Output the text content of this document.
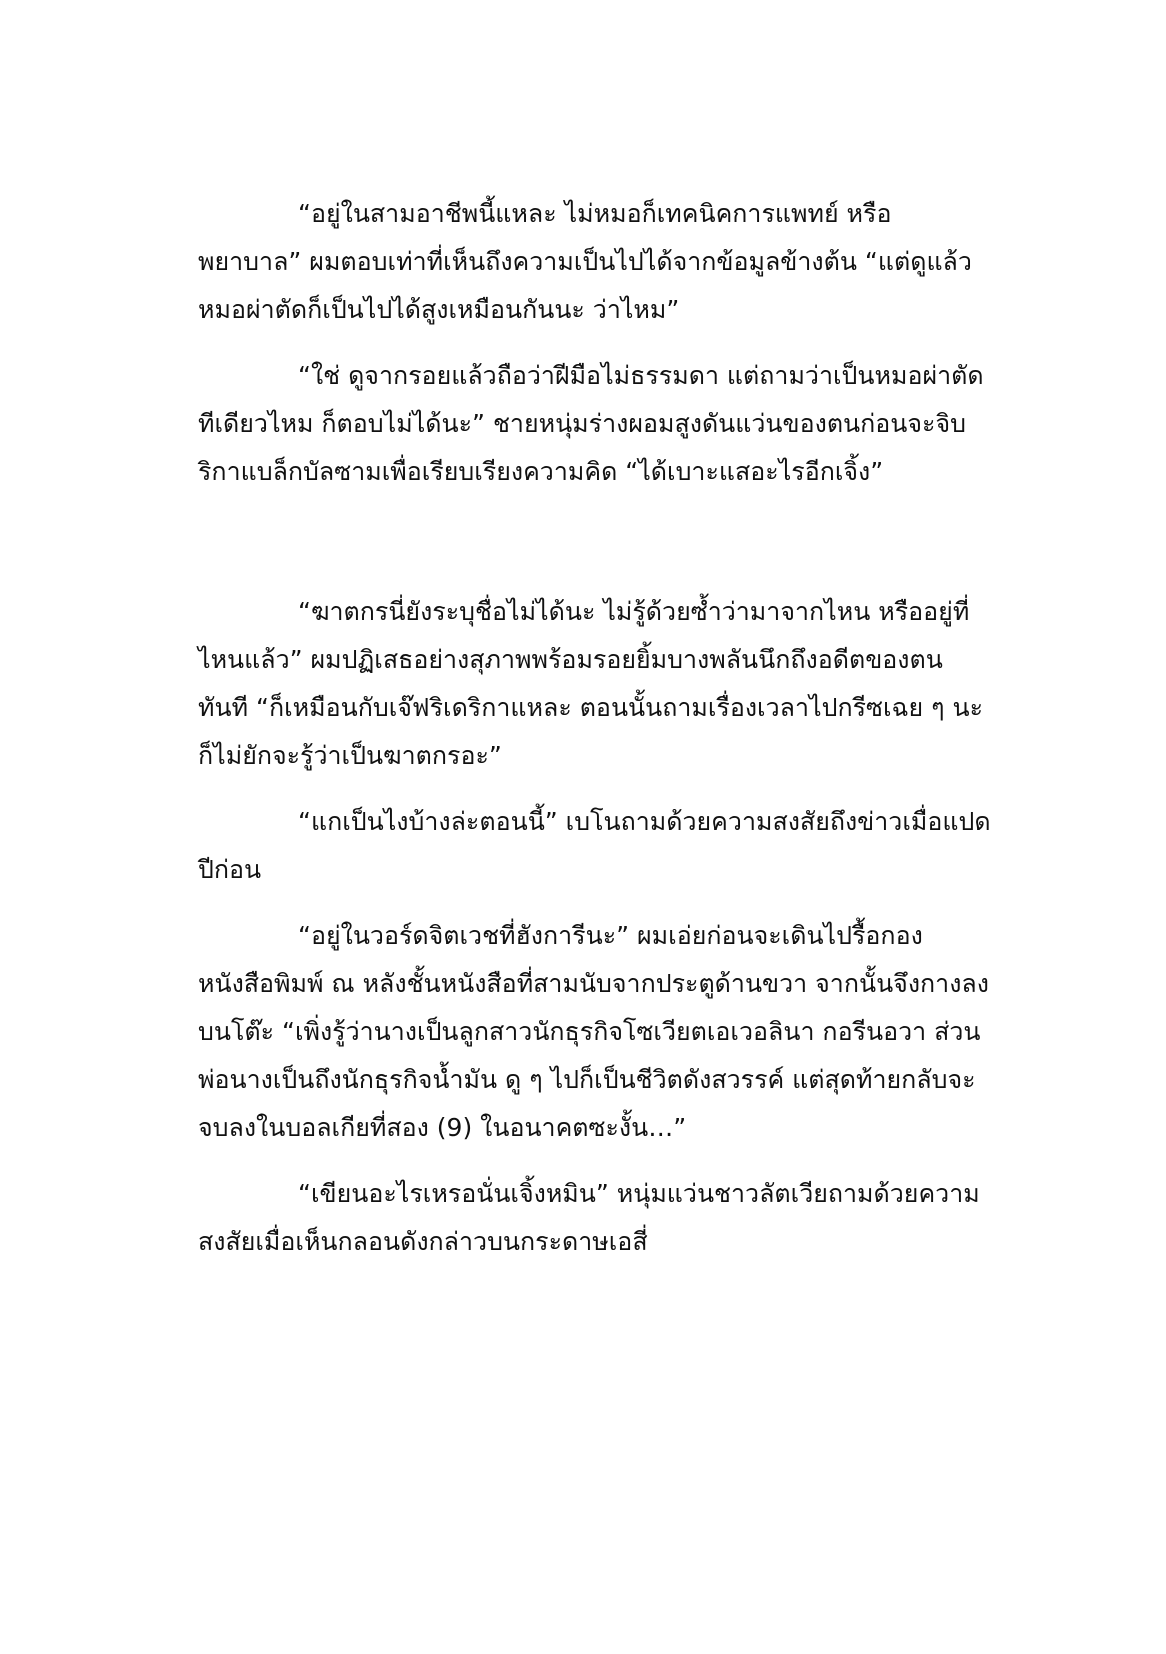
“อยู่ในสามอาชีพนี้แหละ ไม่หมอก็เทคนิคการแพทย์ หรือ
พยาบาล” ผมตอบเท่าที่เห็นถึงความเป็นไปได้จากข้อมูลข้างต้น “แต่ดูแล้ว
หมอผ่าตัดก็เป็นไปได้สูงเหมือนกันนะ ว่าไหม”

“ใช่ ดูจากรอยแล้วถือว่าฝีมือไม่ธรรมดา แต่ถามว่าเป็นหมอผ่าตัด
ทีเดียวไหม ก็ตอบไม่ได้นะ” ชายหนุ่มร่างผอมสูงดันแว่นของตนก่อนจะจิบ
ริกาแบล็กบัลซามเพื่อเรียบเรียงความคิด “ได้เบาะแสอะไรอีกเจิ้ง”

“ฆาตกรนี่ยังระบุชื่อไม่ได้นะ ไม่รู้ด้วยซ้ำว่ามาจากไหน หรืออยู่ที่
ไหนแล้ว” ผมปฏิเสธอย่างสุภาพพร้อมรอยยิ้มบางพลันนึกถึงอดีตของตน
ทันที “ก็เหมือนกับเจ๊ฟริเดริกาแหละ ตอนนั้นถามเรื่องเวลาไปกรีซเฉย ๆ นะ
ก็ไม่ยักจะรู้ว่าเป็นฆาตกรอะ”

“แกเป็นไงบ้างล่ะตอนนี้” เบโนถามด้วยความสงสัยถึงข่าวเมื่อแปด
ปีก่อน

“อยู่ในวอร์ดจิตเวชที่ฮังการีนะ” ผมเอ่ยก่อนจะเดินไปรื้อกอง
หนังสือพิมพ์ ณ หลังชั้นหนังสือที่สามนับจากประตูด้านขวา จากนั้นจึงกางลง
บนโต๊ะ “เพิ่งรู้ว่านางเป็นลูกสาวนักธุรกิจโซเวียตเอเวอลินา กอรีนอวา ส่วน
พ่อนางเป็นถึงนักธุรกิจน้ำมัน ดู ๆ ไปก็เป็นชีวิตดังสวรรค์ แต่สุดท้ายกลับจะ
จบลงในบอลเกียที่สอง (9) ในอนาคตซะงั้น…”

“เขียนอะไรเหรอนั่นเจิ้งหมิน” หนุ่มแว่นชาวลัตเวียถามด้วยความ
สงสัยเมื่อเห็นกลอนดังกล่าวบนกระดาษเอสี่
